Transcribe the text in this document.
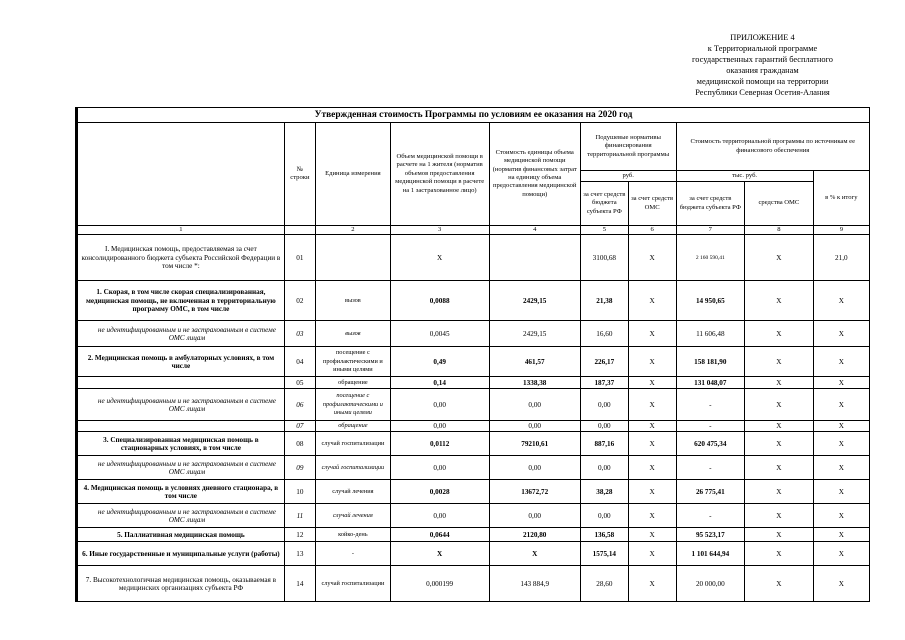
ПРИЛОЖЕНИЕ 4
к Территориальной программе
государственных гарантий бесплатного
оказания гражданам
медицинской помощи на территории
Республики Северная Осетия-Алания
Утвержденная стоимость Программы по условиям ее оказания на 2020 год									
	№ строки	Единица измерения	Объем медицинской помощи в расчете на 1 жителя (норматив объемов предоставления медицинской помощи в расчете на 1 застрахованное лицо)	Стоимость единицы объема медицинской помощи (норматив финансовых затрат на единицу объема предоставления медицинской помощи)	Подушевые нормативы финансирования территориальной программы		Стоимость территориальной программы по источникам ее финансового обеспечения		
					руб.		тыс. руб.		в % к итогу
					за счет средств бюджета субъекта РФ	за счет средств ОМС	за счет средств бюджета субъекта РФ	средства ОМС	
1		2	3	4	5	6	7	8	9
I. Медицинская помощь, предоставляемая за счет консолидированного бюджета субъекта Российской Федерации в том числе *:	01		X		3100,68	X	2 160 590,41	X	21,0
1. Скорая, в том числе скорая специализированная, медицинская помощь, не включенная в территориальную программу ОМС, в том числе	02	вызов	0,0088	2429,15	21,38	X	14 950,65	X	X
не идентифицированным и не застрахованным в системе ОМС лицам	03	вызов	0,0045	2429,15	16,60	X	11 606,48	X	X
2. Медицинская помощь в амбулаторных условиях, в том числе	04	посещение с профилактическими и иными целями	0,49	461,57	226,17	X	158 181,90	X	X
	05	обращение	0,14	1338,38	187,37	X	131 048,07	X	X
не идентифицированным и не застрахованным в системе ОМС лицам	06	посещение с профилактическими и иными целями	0,00	0,00	0,00	X	-	X	X
	07	обращение	0,00	0,00	0,00	X	-	X	X
3. Специализированная медицинская помощь в стационарных условиях, в том числе	08	случай госпитализации	0,0112	79210,61	887,16	X	620 475,34	X	X
не идентифицированным и не застрахованным в системе ОМС лицам	09	случай госпитализации	0,00	0,00	0,00	X	-	X	X
4. Медицинская помощь в условиях дневного стационара, в том числе	10	случай лечения	0,0028	13672,72	38,28	X	26 775,41	X	X
не идентифицированным и не застрахованным в системе ОМС лицам	11	случай лечения	0,00	0,00	0,00	X	-	X	X
5. Паллиативная медицинская помощь	12	койко-день	0,0644	2120,80	136,58	X	95 523,17	X	X
6. Иные государственные и муниципальные услуги (работы)	13	-	X	X	1575,14	X	1 101 644,94	X	X
7. Высокотехнологичная медицинская помощь, оказываемая в медицинских организациях субъекта РФ	14	случай госпитализации	0,000199	143 884,9	28,60	X	20 000,00	X	X
